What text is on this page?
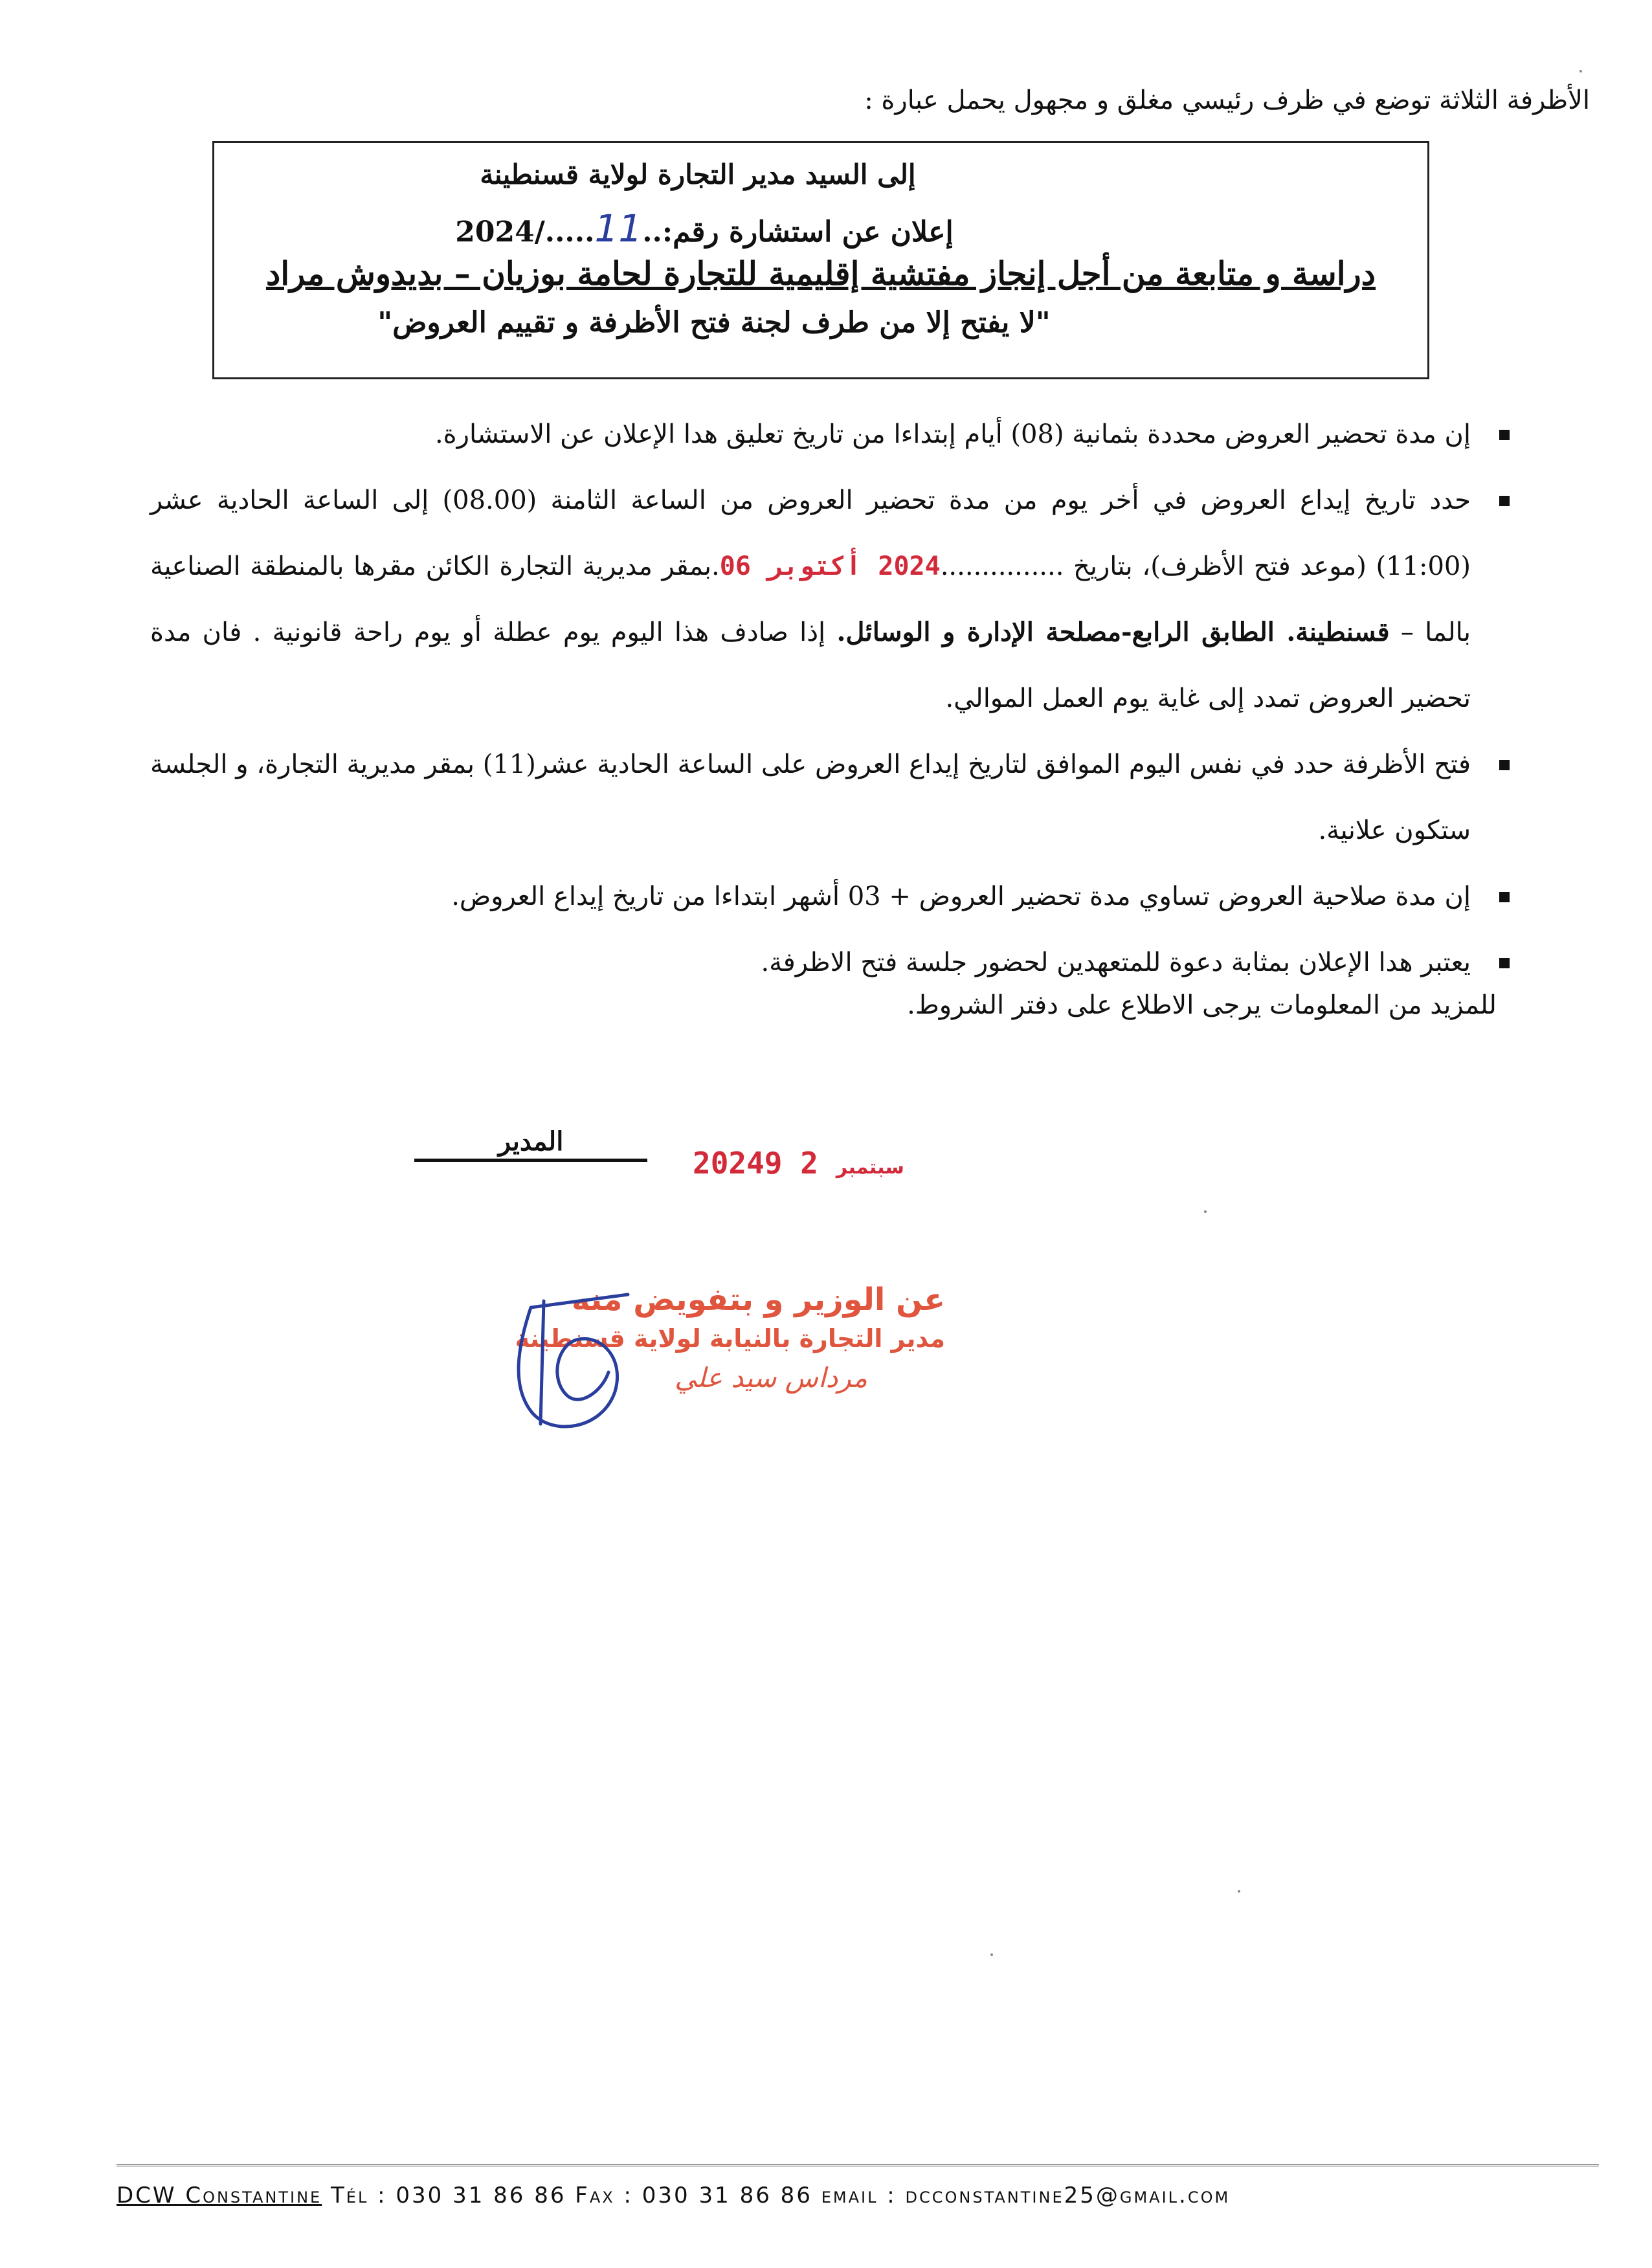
الأظرفة الثلاثة توضع في ظرف رئيسي مغلق و مجهول يحمل عبارة :
إلى السيد مدير التجارة لولاية قسنطينة
إعلان عن استشارة رقم:..11...../2024
دراسة و متابعة من أجل إنجاز مفتشية إقليمية للتجارة لحامة بوزيان – بديدوش مراد
"لا يفتح إلا من طرف لجنة فتح الأظرفة و تقييم العروض"
إن مدة تحضير العروض محددة بثمانية (08) أيام إبتداءا من تاريخ تعليق هدا الإعلان عن الاستشارة.
حدد تاريخ إيداع العروض في أخر يوم من مدة تحضير العروض من الساعة الثامنة (08.00) إلى الساعة الحادية عشر (11:00) (موعد فتح الأظرف)، بتاريخ ...............2024 أكتوبر 06.بمقر مديرية التجارة الكائن مقرها بالمنطقة الصناعية بالما – قسنطينة. الطابق الرابع-مصلحة الإدارة و الوسائل. إذا صادف هذا اليوم يوم عطلة أو يوم راحة قانونية . فان مدة تحضير العروض تمدد إلى غاية يوم العمل الموالي.
فتح الأظرفة حدد في نفس اليوم الموافق لتاريخ إيداع العروض على الساعة الحادية عشر(11) بمقر مديرية التجارة، و الجلسة ستكون علانية.
إن مدة صلاحية العروض تساوي مدة تحضير العروض + 03 أشهر ابتداءا من تاريخ إيداع العروض.
يعتبر هدا الإعلان بمثابة دعوة للمتعهدين لحضور جلسة فتح الاظرفة.
للمزيد من المعلومات يرجى الاطلاع على دفتر الشروط.
المدير
2024	سبتمبر2 9
عن الوزير و بتفويض منه
مدير التجارة بالنيابة لولاية قسنطينة
مرداس سيد علي
DCW Constantine Tél : 030 31 86 86 Fax : 030 31 86 86 email : dcconstantine25@gmail.com
